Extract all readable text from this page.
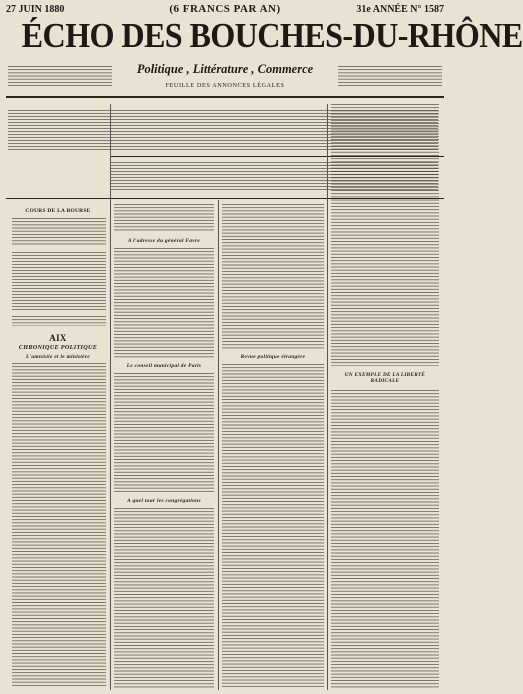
27 JUIN 1880	(6 FRANCS PAR AN)	31e ANNÉE N° 1587
ÉCHO DES BOUCHES-DU-RHÔNE
Politique , Littérature , Commerce
FEUILLE DES ANNONCES LÉGALES
COURS DE LA BOURSE
AIX
CHRONIQUE POLITIQUE
L'amnistie et le ministère
A l'adresse du général Favre
Le conseil municipal de Paris
A quel tour les congrégations
Revue politique étrangère
UN EXEMPLE DE LA LIBERTÉ RADICALE
